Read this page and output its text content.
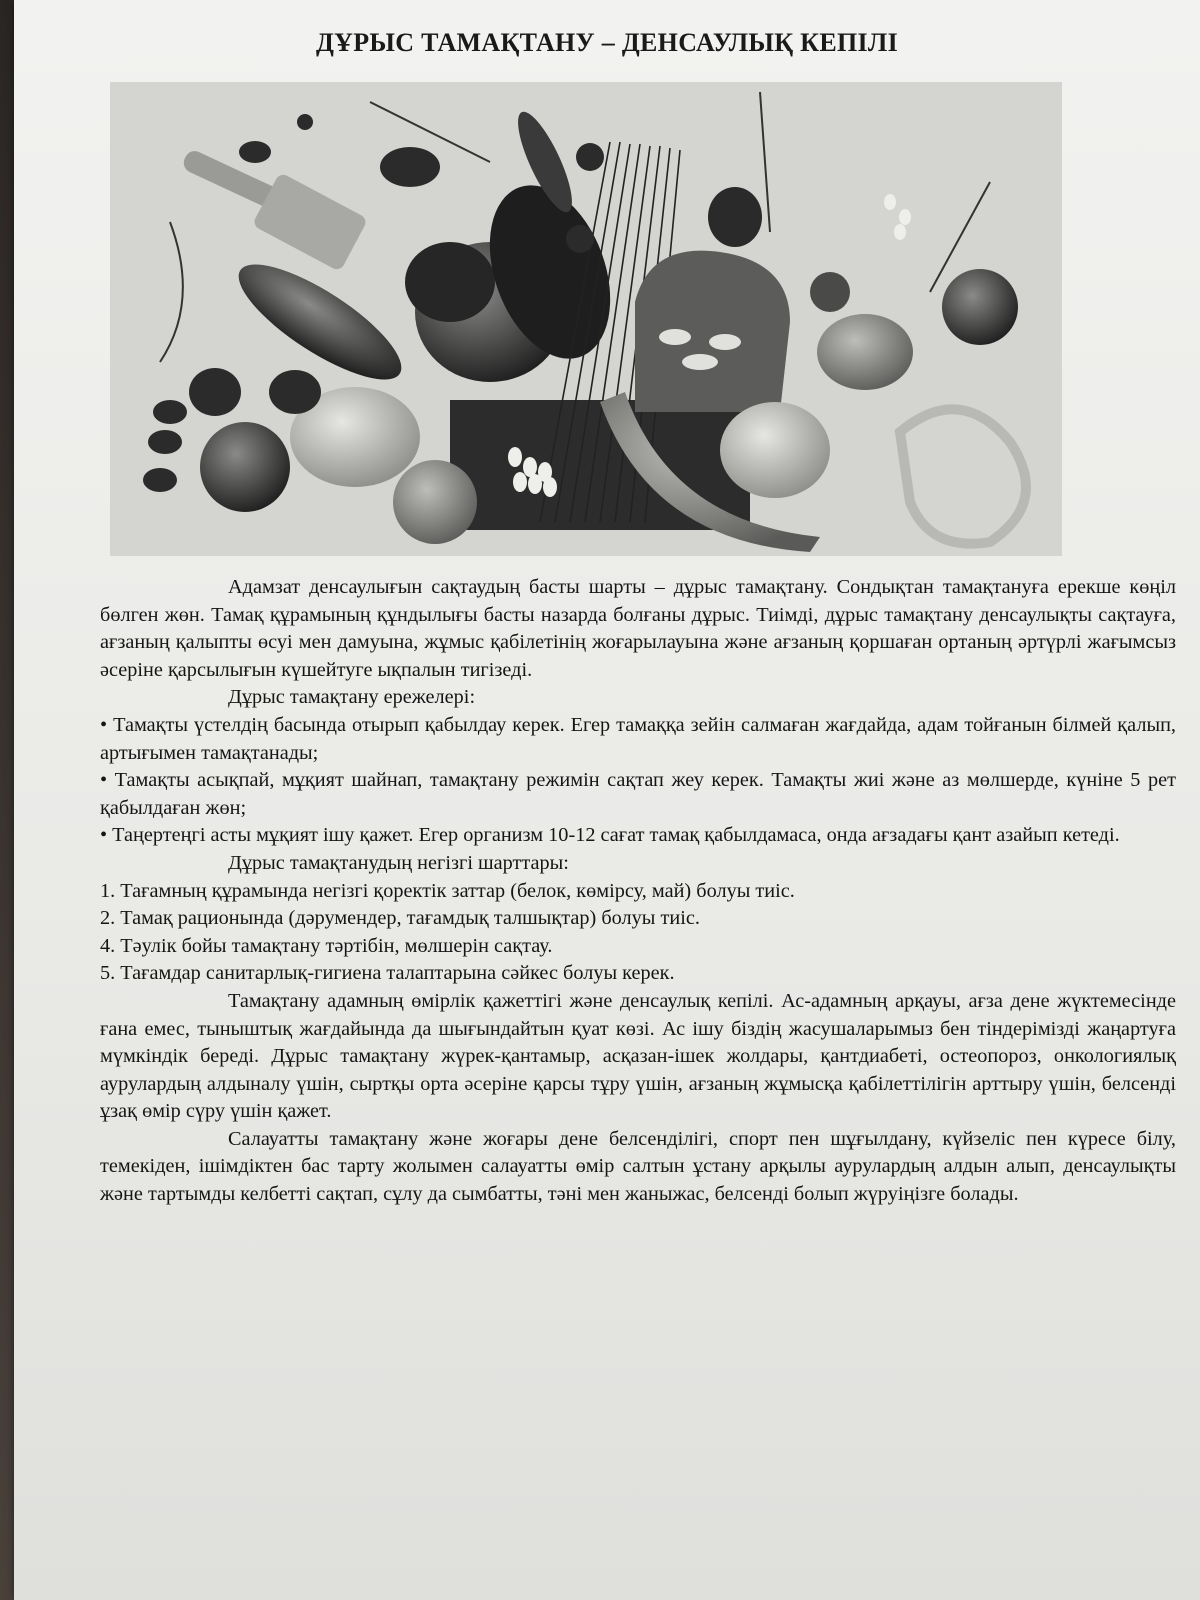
ДҰРЫС ТАМАҚТАНУ – ДЕНСАУЛЫҚ КЕПІЛІ

Адамзат денсаулығын сақтаудың басты шарты – дұрыс тамақтану. Сондықтан тамақтануға ерекше көңіл бөлген жөн. Тамақ құрамының құндылығы басты назарда болғаны дұрыс. Тиімді, дұрыс тамақтану денсаулықты сақтауға, ағзаның қалыпты өсуі мен дамуына, жұмыс қабілетінің жоғарылауына және ағзаның қоршаған ортаның әртүрлі жағымсыз әсеріне қарсылығын күшейтуге ықпалын тигізеді.

Дұрыс тамақтану ережелері:

• Тамақты үстелдің басында отырып қабылдау керек. Егер тамаққа зейін салмаған жағдайда, адам тойғанын білмей қалып, артығымен тамақтанады;

• Тамақты асықпай, мұқият шайнап, тамақтану режимін сақтап жеу керек. Тамақты жиі және аз мөлшерде, күніне 5 рет қабылдаған жөн;

• Таңертеңгі асты мұқият ішу қажет. Егер организм 10-12 сағат тамақ қабылдамаса, онда ағзадағы қант азайып кетеді.

Дұрыс тамақтанудың негізгі шарттары:

1. Тағамның құрамында негізгі қоректік заттар (белок, көмірсу, май) болуы тиіс.

2. Тамақ рационында (дәрумендер, тағамдық талшықтар) болуы тиіс.

4. Тәулік бойы тамақтану тәртібін, мөлшерін сақтау.

5. Тағамдар санитарлық-гигиена талаптарына сәйкес болуы керек.

Тамақтану адамның өмірлік қажеттігі және денсаулық кепілі. Ас-адамның арқауы, ағза дене жүктемесінде ғана емес, тыныштық жағдайында да шығындайтын қуат көзі. Ас ішу біздің жасушаларымыз бен тіндерімізді жаңартуға мүмкіндік береді. Дұрыс тамақтану жүрек-қантамыр, асқазан-ішек жолдары, қантдиабеті, остеопороз, онкологиялық аурулардың алдыналу үшін, сыртқы орта әсеріне қарсы тұру үшін, ағзаның жұмысқа қабілеттілігін арттыру үшін, белсенді ұзақ өмір сүру үшін қажет.

Салауатты тамақтану және жоғары дене белсенділігі, спорт пен шұғылдану, күйзеліс пен күресе білу, темекіден, ішімдіктен бас тарту жолымен салауатты өмір салтын ұстану арқылы аурулардың алдын алып, денсаулықты және тартымды келбетті сақтап, сұлу да сымбатты, тәні мен жаныжас, белсенді болып жүруіңізге болады.
